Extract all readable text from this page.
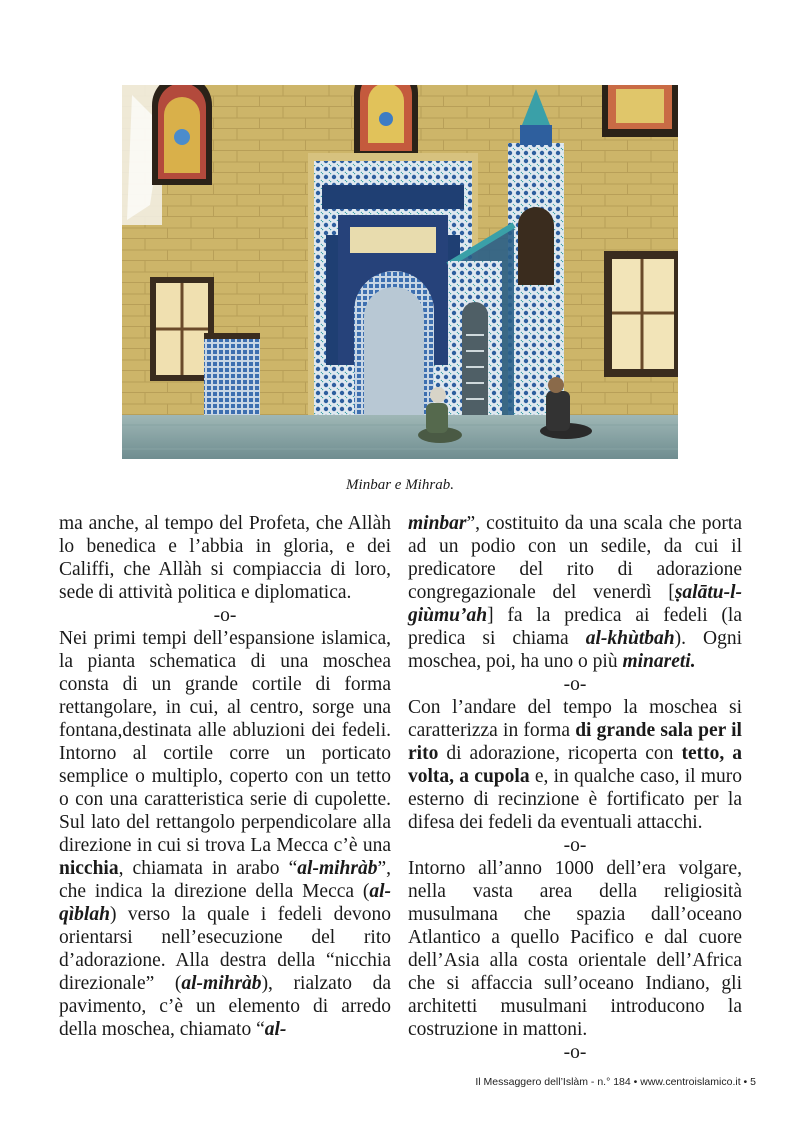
Minbar e Mihrab.

ma anche, al tempo del Profeta, che Allàh lo benedica e l’abbia in gloria, e dei Califfi, che Allàh si compiaccia di loro, sede di attività politica e diplomatica.

-o-

Nei primi tempi dell’espansione islamica, la pianta schematica di una moschea consta di un grande cortile di forma rettangolare, in cui, al centro, sorge una fontana,destinata alle abluzioni dei fedeli. Intorno al cortile corre un porticato semplice o multiplo, coperto con un tetto o con una caratteristica serie di cupolette. Sul lato del rettangolo perpendicolare alla direzione in cui si trova La Mecca c’è una nicchia, chiamata in arabo “al-mihràb”, che indica la direzione della Mecca (al-qìblah) verso la quale i fedeli devono orientarsi nell’esecuzione del rito d’adorazione. Alla destra della “nicchia direzionale” (al-mihràb), rialzato da pavimento, c’è un elemento di arredo della moschea, chiamato “al-

minbar”, costituito da una scala che porta ad un podio con un sedile, da cui il predicatore del rito di adorazione congregazionale del venerdì [ṣalātu-l-giùmu’ah] fa la predica ai fedeli (la predica si chiama al-khùtbah). Ogni moschea, poi, ha uno o più minareti.

-o-

Con l’andare del tempo la moschea si caratterizza in forma di grande sala per il rito di adorazione, ricoperta con tetto, a volta, a cupola e, in qualche caso, il muro esterno di recinzione è fortificato per la difesa dei fedeli da eventuali attacchi.

-o-

Intorno all’anno 1000 dell’era volgare, nella vasta area della religiosità musulmana che spazia dall’oceano Atlantico a quello Pacifico e dal cuore dell’Asia alla costa orientale dell’Africa che si affaccia sull’oceano Indiano, gli architetti musulmani introducono la costruzione in mattoni.

-o-

Il Messaggero dell’Islàm - n.° 184 • www.centroislamico.it • 5
